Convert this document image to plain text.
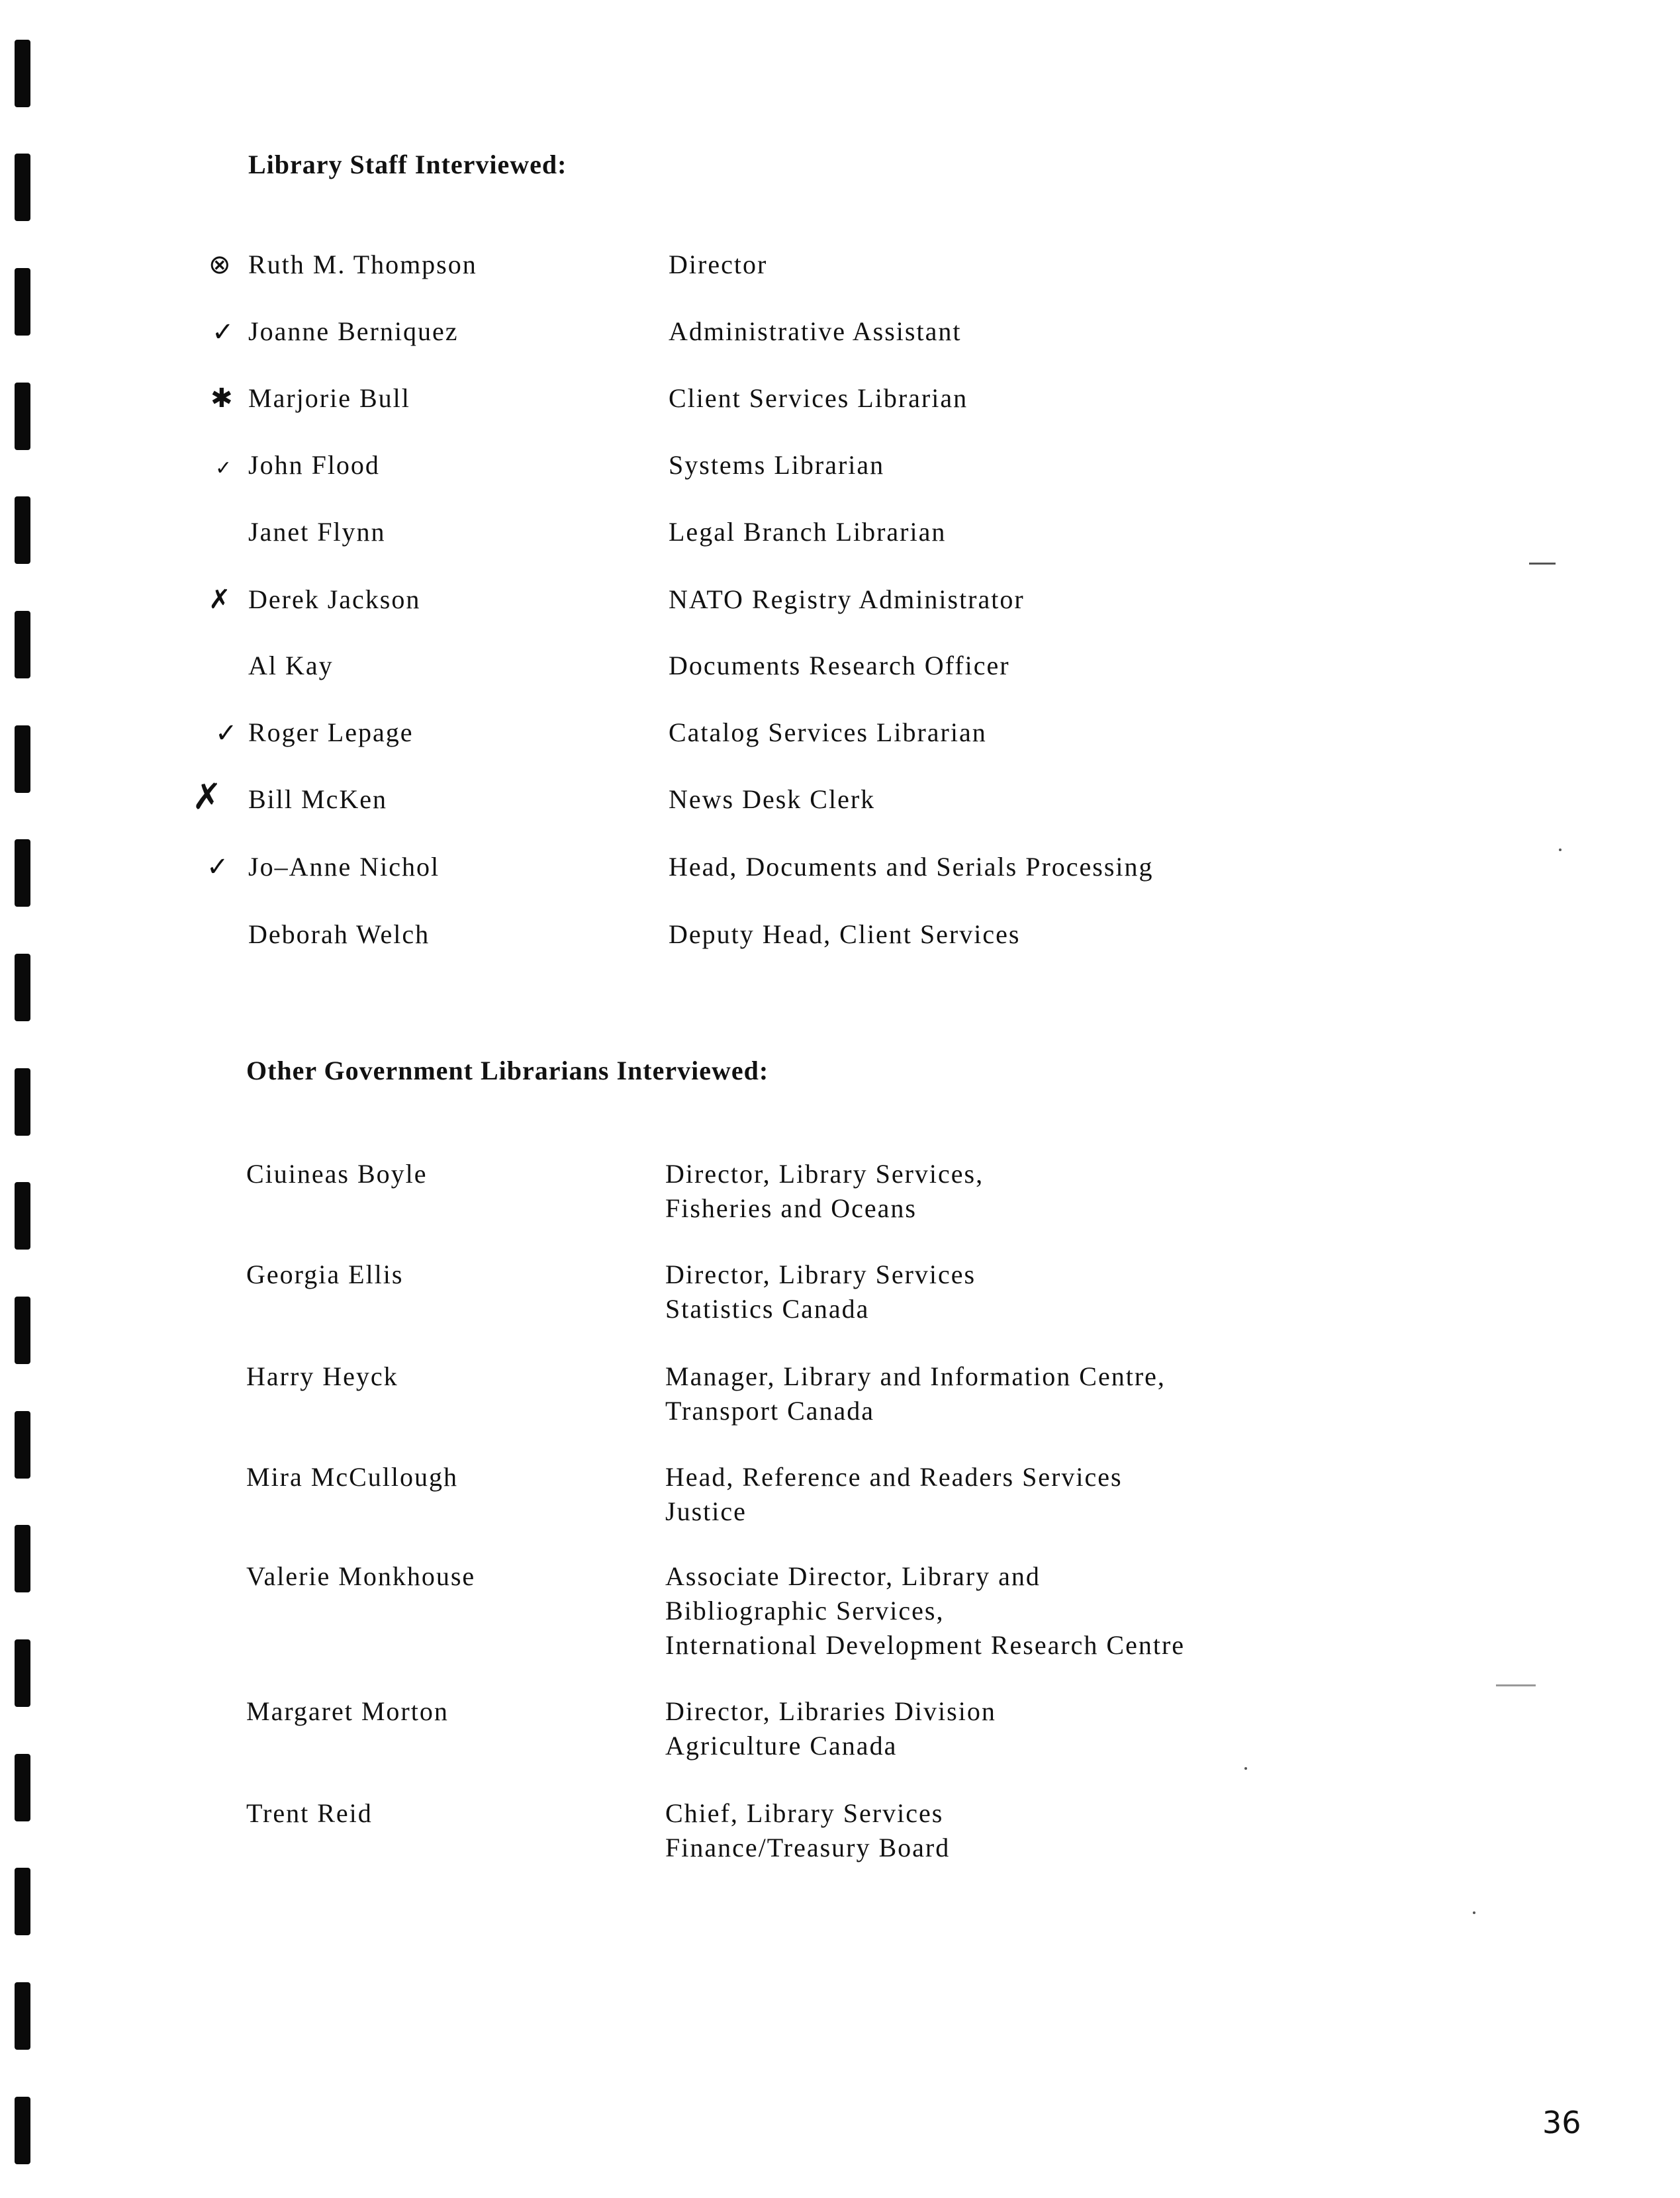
Library Staff Interviewed:
⊗ Ruth M. Thompson	Director
✓ Joanne Berniquez	Administrative Assistant
✱ Marjorie Bull	Client Services Librarian
✓ John Flood	Systems Librarian
Janet Flynn	Legal Branch Librarian
✗ Derek Jackson	NATO Registry Administrator
Al Kay	Documents Research Officer
✓ Roger Lepage	Catalog Services Librarian
✗ Bill McKen	News Desk Clerk
✓ Jo–Anne Nichol	Head, Documents and Serials Processing
Deborah Welch	Deputy Head, Client Services
Other Government Librarians Interviewed:
Ciuineas Boyle	Director, Library Services,
Fisheries and Oceans
Georgia Ellis	Director, Library Services
Statistics Canada
Harry Heyck	Manager, Library and Information Centre,
Transport Canada
Mira McCullough	Head, Reference and Readers Services
Justice
Valerie Monkhouse	Associate Director, Library and
Bibliographic Services,
International Development Research Centre
Margaret Morton	Director, Libraries Division
Agriculture Canada
Trent Reid	Chief, Library Services
Finance/Treasury Board
36
